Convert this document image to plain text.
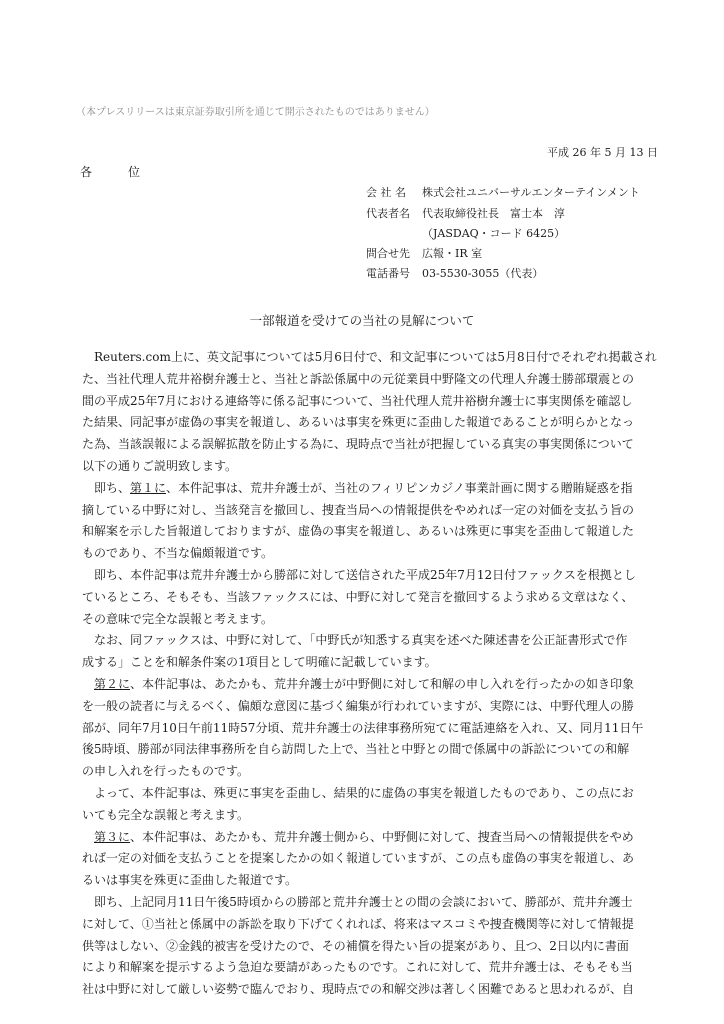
（本プレスリリースは東京証券取引所を通じて開示されたものではありません）
平成 26 年 5 月 13 日
各	位
会 社 名 株式会社ユニバーサルエンターテインメント
代表者名 代表取締役社長　富士本　淳
（JASDAQ・コード 6425）
問合せ先 広報・IR 室
電話番号 03-5530-3055（代表）
一部報道を受けての当社の見解について
　Reuters.com上に、英文記事については5月6日付で、和文記事については5月8日付でそれぞれ掲載され
た、当社代理人荒井裕樹弁護士と、当社と訴訟係属中の元従業員中野隆文の代理人弁護士勝部環震との
間の平成25年7月における連絡等に係る記事について、当社代理人荒井裕樹弁護士に事実関係を確認し
た結果、同記事が虚偽の事実を報道し、あるいは事実を殊更に歪曲した報道であることが明らかとなっ
た為、当該誤報による誤解拡散を防止する為に、現時点で当社が把握している真実の事実関係について
以下の通りご説明致します。
　即ち、第１に、本件記事は、荒井弁護士が、当社のフィリピンカジノ事業計画に関する贈賄疑惑を指
摘している中野に対し、当該発言を撤回し、捜査当局への情報提供をやめれば一定の対価を支払う旨の
和解案を示した旨報道しておりますが、虚偽の事実を報道し、あるいは殊更に事実を歪曲して報道した
ものであり、不当な偏頗報道です。
　即ち、本件記事は荒井弁護士から勝部に対して送信された平成25年7月12日付ファックスを根拠とし
ているところ、そもそも、当該ファックスには、中野に対して発言を撤回するよう求める文章はなく、
その意味で完全な誤報と考えます。
　なお、同ファックスは、中野に対して、「中野氏が知悉する真実を述べた陳述書を公正証書形式で作
成する」ことを和解条件案の1項目として明確に記載しています。
　第２に、本件記事は、あたかも、荒井弁護士が中野側に対して和解の申し入れを行ったかの如き印象
を一般の読者に与えるべく、偏頗な意図に基づく編集が行われていますが、実際には、中野代理人の勝
部が、同年7月10日午前11時57分頃、荒井弁護士の法律事務所宛てに電話連絡を入れ、又、同月11日午
後5時頃、勝部が同法律事務所を自ら訪問した上で、当社と中野との間で係属中の訴訟についての和解
の申し入れを行ったものです。
　よって、本件記事は、殊更に事実を歪曲し、結果的に虚偽の事実を報道したものであり、この点にお
いても完全な誤報と考えます。
　第３に、本件記事は、あたかも、荒井弁護士側から、中野側に対して、捜査当局への情報提供をやめ
れば一定の対価を支払うことを提案したかの如く報道していますが、この点も虚偽の事実を報道し、あ
るいは事実を殊更に歪曲した報道です。
　即ち、上記同月11日午後5時頃からの勝部と荒井弁護士との間の会談において、勝部が、荒井弁護士
に対して、①当社と係属中の訴訟を取り下げてくれれば、将来はマスコミや捜査機関等に対して情報提
供等はしない、②金銭的被害を受けたので、その補償を得たい旨の提案があり、且つ、2日以内に書面
により和解案を提示するよう急迫な要請があったものです。これに対して、荒井弁護士は、そもそも当
社は中野に対して厳しい姿勢で臨んでおり、現時点での和解交渉は著しく困難であると思われるが、自
